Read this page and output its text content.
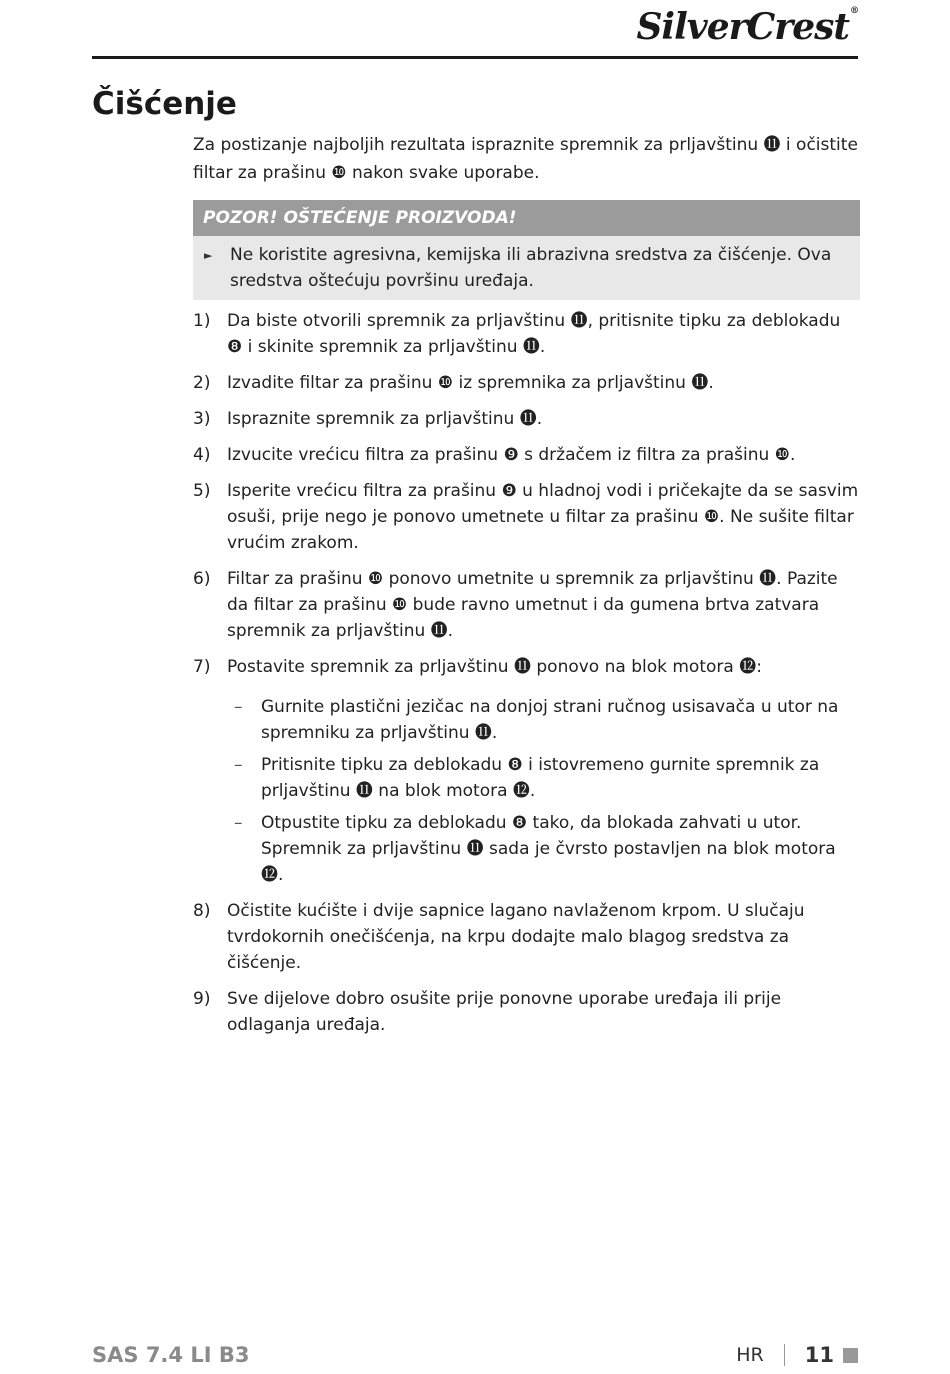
SilverCrest®
Čišćenje

Za postizanje najboljih rezultata ispraznite spremnik za prljavštinu ⓫ i očistite filtar za prašinu ❿ nakon svake uporabe.

POZOR! OŠTEĆENJE PROIZVODA!
►	Ne koristite agresivna, kemijska ili abrazivna sredstva za čišćenje. Ova sredstva oštećuju površinu uređaja.
1) Da biste otvorili spremnik za prljavštinu ⓫, pritisnite tipku za deblokadu ❽ i skinite spremnik za prljavštinu ⓫.
2) Izvadite filtar za prašinu ❿ iz spremnika za prljavštinu ⓫.
3) Ispraznite spremnik za prljavštinu ⓫.
4) Izvucite vrećicu filtra za prašinu ❾ s držačem iz filtra za prašinu ❿.
5) Isperite vrećicu filtra za prašinu ❾ u hladnoj vodi i pričekajte da se sasvim osuši, prije nego je ponovo umetnete u filtar za prašinu ❿. Ne sušite filtar vrućim zrakom.
6) Filtar za prašinu ❿ ponovo umetnite u spremnik za prljavštinu ⓫. Pazite da filtar za prašinu ❿ bude ravno umetnut i da gumena brtva zatvara spremnik za prljavštinu ⓫.
7) Postavite spremnik za prljavštinu ⓫ ponovo na blok motora ⓬:
– Gurnite plastični jezičac na donjoj strani ručnog usisavača u utor na spremniku za prljavštinu ⓫.
– Pritisnite tipku za deblokadu ❽ i istovremeno gurnite spremnik za prljavštinu ⓫ na blok motora ⓬.
– Otpustite tipku za deblokadu ❽ tako, da blokada zahvati u utor. Spremnik za prljavštinu ⓫ sada je čvrsto postavljen na blok motora ⓬.
8) Očistite kućište i dvije sapnice lagano navlaženom krpom. U slučaju tvrdokornih onečišćenja, na krpu dodajte malo blagog sredstva za čišćenje.
9) Sve dijelove dobro osušite prije ponovne uporabe uređaja ili prije odlaganja uređaja.
SAS 7.4 LI B3	HR 11
